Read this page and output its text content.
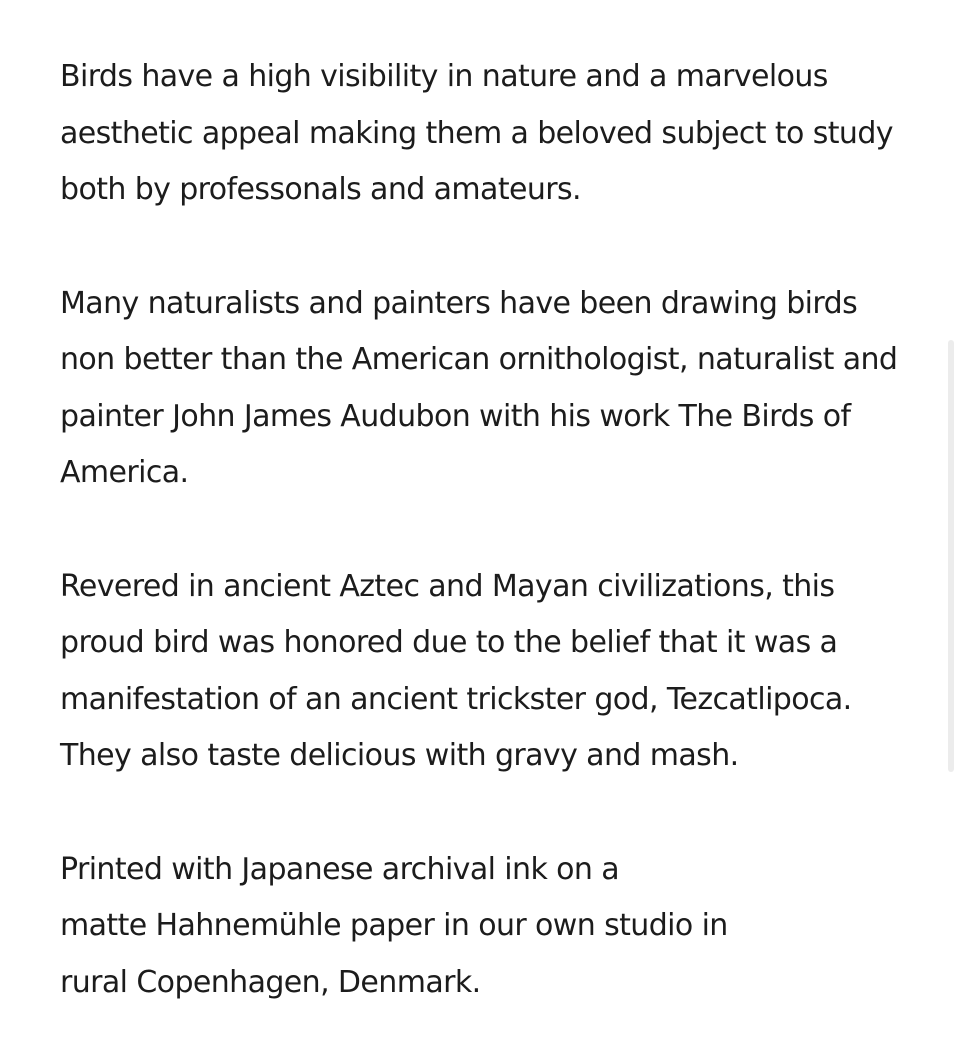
Birds have a high visibility in nature and a marvelous
aesthetic appeal making them a beloved subject to study
both by professonals and amateurs.

Many naturalists and painters have been drawing birds
non better than the American ornithologist, naturalist and
painter John James Audubon with his work The Birds of
America.

Revered in ancient Aztec and Mayan civilizations, this
proud bird was honored due to the belief that it was a
manifestation of an ancient trickster god, Tezcatlipoca.
They also taste delicious with gravy and mash.

Printed with Japanese archival ink on a
matte Hahnemühle paper in our own studio in
rural Copenhagen, Denmark.
